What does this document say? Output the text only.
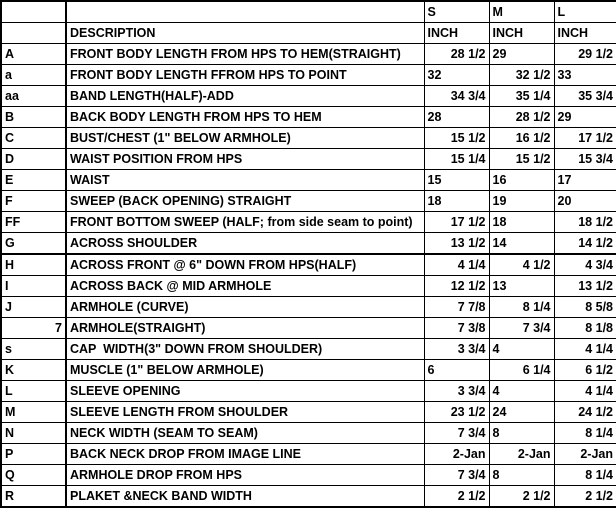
		S	M	L
	DESCRIPTION	INCH	INCH	INCH
A	FRONT BODY LENGTH FROM HPS TO HEM(STRAIGHT)	28 1/2	29	29 1/2
a	FRONT BODY LENGTH FFROM HPS TO POINT	32	32 1/2	33
aa	BAND LENGTH(HALF)-ADD	34 3/4	35 1/4	35 3/4
B	BACK BODY LENGTH FROM HPS TO HEM	28	28 1/2	29
C	BUST/CHEST (1" BELOW ARMHOLE)	15 1/2	16 1/2	17 1/2
D	WAIST POSITION FROM HPS	15 1/4	15 1/2	15 3/4
E	WAIST	15	16	17
F	SWEEP (BACK OPENING) STRAIGHT	18	19	20
FF	FRONT BOTTOM SWEEP (HALF; from side seam to point)	17 1/2	18	18 1/2
G	ACROSS SHOULDER	13 1/2	14	14 1/2
H	ACROSS FRONT @ 6" DOWN FROM HPS(HALF)	4 1/4	4 1/2	4 3/4
I	ACROSS BACK @ MID ARMHOLE	12 1/2	13	13 1/2
J	ARMHOLE (CURVE)	7 7/8	8 1/4	8 5/8
7	ARMHOLE(STRAIGHT)	7 3/8	7 3/4	8 1/8
s	CAP  WIDTH(3" DOWN FROM SHOULDER)	3 3/4	4	4 1/4
K	MUSCLE (1" BELOW ARMHOLE)	6	6 1/4	6 1/2
L	SLEEVE OPENING	3 3/4	4	4 1/4
M	SLEEVE LENGTH FROM SHOULDER	23 1/2	24	24 1/2
N	NECK WIDTH (SEAM TO SEAM)	7 3/4	8	8 1/4
P	BACK NECK DROP FROM IMAGE LINE	2-Jan	2-Jan	2-Jan
Q	ARMHOLE DROP FROM HPS	7 3/4	8	8 1/4
R	PLAKET &NECK BAND WIDTH	2 1/2	2 1/2	2 1/2
